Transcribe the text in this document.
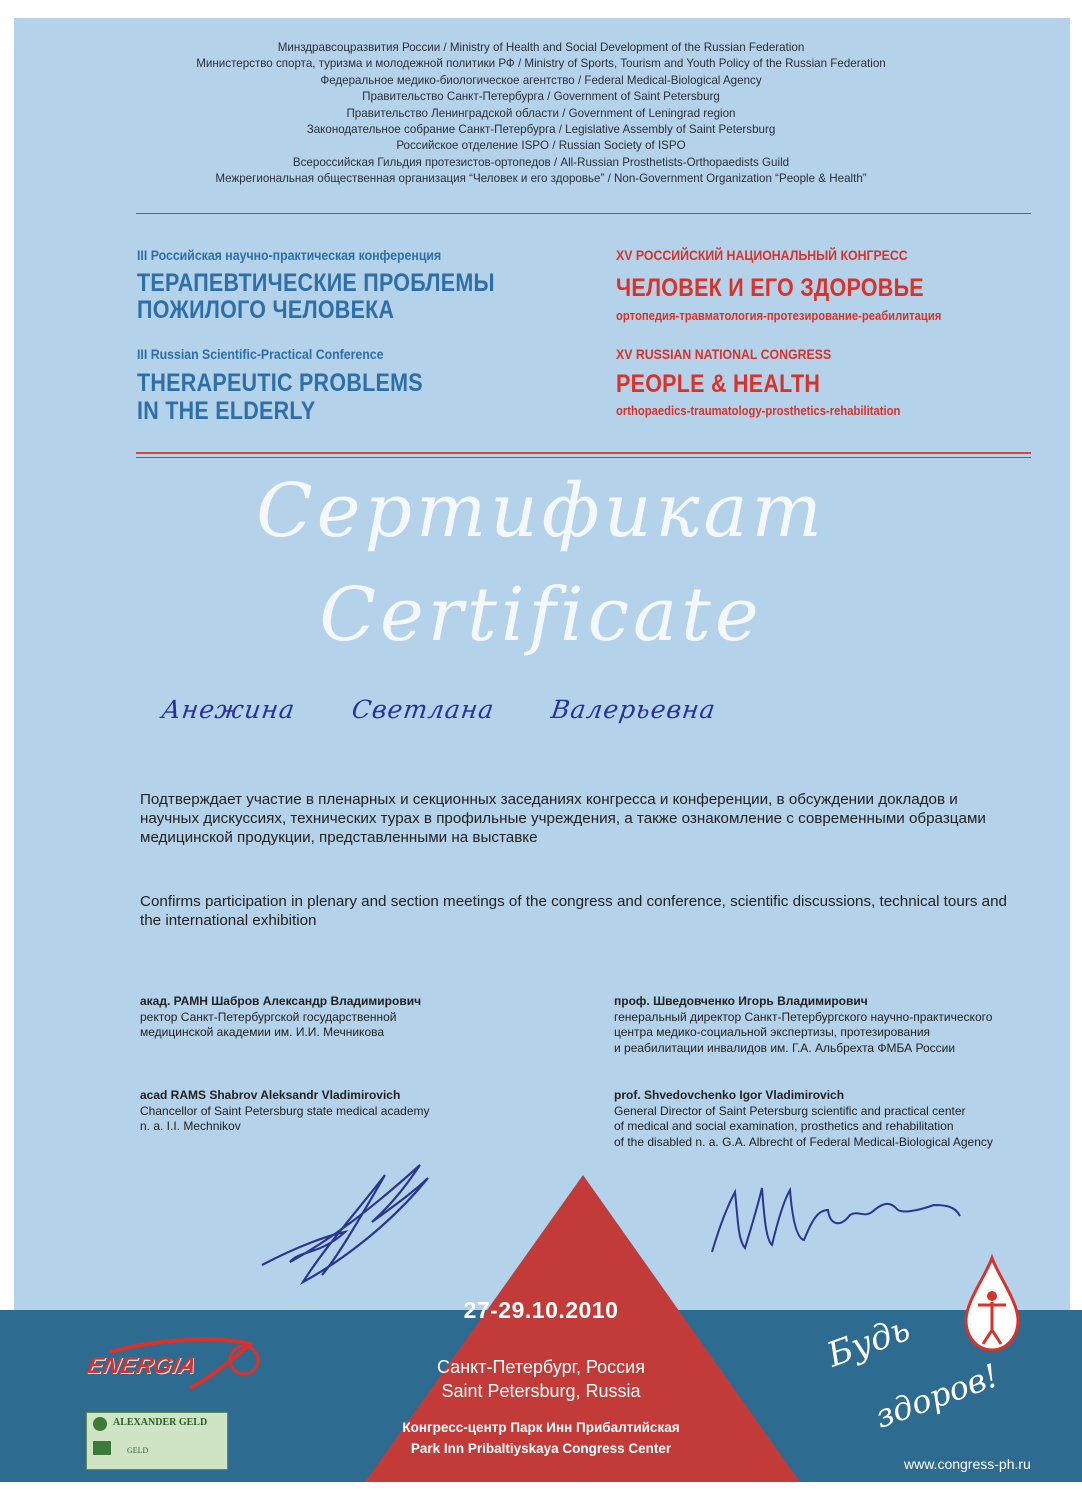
Минздравсоцразвития России / Ministry of Health and Social Development of the Russian Federation
Министерство спорта, туризма и молодежной политики РФ / Ministry of Sports, Tourism and Youth Policy of the Russian Federation
Федеральное медико-биологическое агентство / Federal Medical-Biological Agency
Правительство Санкт-Петербурга / Government of Saint Petersburg
Правительство Ленинградской области / Government of Leningrad region
Законодательное собрание Санкт-Петербурга / Legislative Assembly of Saint Petersburg
Российское отделение ISPO / Russian Society of ISPO
Всероссийская Гильдия протезистов-ортопедов / All-Russian Prosthetists-Orthopaedists Guild
Межрегиональная общественная организация “Человек и его здоровье” / Non-Government Organization “People & Health”
III Российская научно-практическая конференция
ТЕРАПЕВТИЧЕСКИЕ ПРОБЛЕМЫ
ПОЖИЛОГО ЧЕЛОВЕКА
III Russian Scientific-Practical Conference
THERAPEUTIC PROBLEMS
IN THE ELDERLY
XV РОССИЙСКИЙ НАЦИОНАЛЬНЫЙ КОНГРЕСС
ЧЕЛОВЕК И ЕГО ЗДОРОВЬЕ
ортопедия-травматология-протезирование-реабилитация
XV RUSSIAN NATIONAL CONGRESS
PEOPLE & HEALTH
orthopaedics-traumatology-prosthetics-rehabilitation
Сертификат
Certificate
Анежина Светлана Валерьевна
Подтверждает участие в пленарных и секционных заседаниях конгресса и конференции, в обсуждении докладов и научных дискуссиях, технических турах в профильные учреждения, а также ознакомление с современными образцами медицинской продукции, представленными на выставке
Confirms participation in plenary and section meetings of the congress and conference, scientific discussions, technical tours and the international exhibition
акад. РАМН Шабров Александр Владимирович
ректор Санкт-Петербургской государственной
медицинской академии им. И.И. Мечникова
acad RAMS Shabrov Aleksandr Vladimirovich
Chancellor of Saint Petersburg state medical academy
n. a. I.I. Mechnikov
проф. Шведовченко Игорь Владимирович
генеральный директор Санкт-Петербургского научно-практического
центра медико-социальной экспертизы, протезирования
и реабилитации инвалидов им. Г.А. Альбрехта ФМБА России
prof. Shvedovchenko Igor Vladimirovich
General Director of Saint Petersburg scientific and practical center
of medical and social examination, prosthetics and rehabilitation
of the disabled n. a. G.A. Albrecht of Federal Medical-Biological Agency
27-29.10.2010
Санкт-Петербург, Россия
Saint Petersburg, Russia
Конгресс-центр Парк Инн Прибалтийская
Park Inn Pribaltiyskaya Congress Center
ENERGIA
ALEXANDER GELD
GELD
Будь
здоров!
www.congress-ph.ru
